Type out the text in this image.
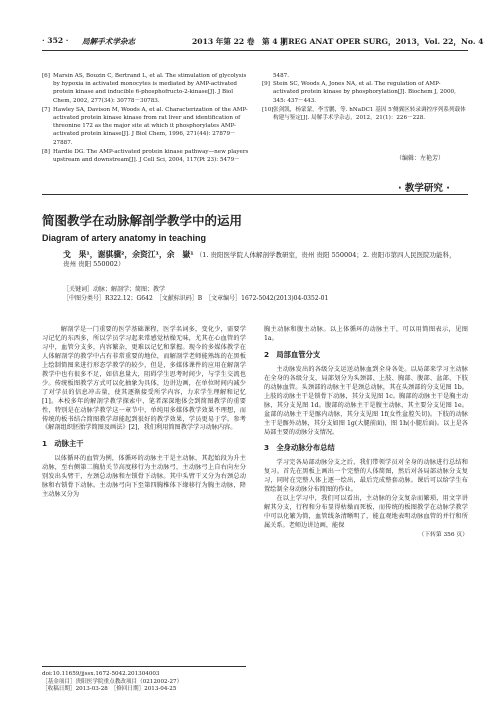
· 352 · 局解手术学杂志	2013 年第 22 卷　第 4 期
J REG ANAT OPER SURG，2013，Vol. 22，No. 4
[6] Marsin AS, Bouzin C, Bertrand L, et al. The stimulation of glycolysis by hypoxia in activated monocytes is mediated by AMP-activated protein kinase and inducible 6-phosphofructo-2-kinase[J]. J Biol Chem, 2002, 277(34): 30778－30783.
[7] Hawley SA, Davison M, Woods A, et al. Characterization of the AMP-activated protein kinase kinase from rat liver and identification of threonine 172 as the major site at which it phosphorylates AMP-activated protein kinase[J]. J Biol Chem, 1996, 271(44): 27879－27887.
[8] Hardie DG. The AMP-activated protein kinase pathway—new players upstream and downstream[J]. J Cell Sci, 2004, 117(Pt 23): 5479－
5487.
[9] Stein SC, Woods A, Jones NA, et al. The regulation of AMP-activated protein kinase by phosphorylation[J]. Biochem J, 2000, 345: 437－443.
[10] 张剑凯，杨蒙蒙，李雪鹏，等. hNaDC1 基因 5′侧翼区转录调控序列系列载体构建与鉴定[J]. 局解手术学杂志，2012，21(1)：226－228.
（编辑：左艳芳）
· 教学研究 ·
简图教学在动脉解剖学教学中的运用
Diagram of artery anatomy in teaching
戈　果¹，谢骐骥²，余资江¹，余　嶽¹ （1. 贵阳医学院人体解剖学教研室，贵州 贵阳 550004；2. 贵阳市第四人民医院功能科，
贵州 贵阳 550002）
［关键词］动脉；解剖学；简图；教学
［中图分类号］R322.12；G642　［文献标识码］B　［文章编号］1672-5042(2013)04-0352-01

　解剖学是一门重要的医学基础课程，医学名词多，变化少，需要学习记忆的东西多，所以学员学习起来常感觉枯燥无味，尤其在心血管的学习中，血管分支多，内容繁杂，更难以记忆和掌握。现今的多媒体教学在人体解剖学的教学中占有非常重要的地位，而解剖学老师能熟练的在黑板上绘制简图来进行形态学教学的较少，但是，多媒体课件的应用在解剖学教学中也有很多不足，如信息量大，阻碍学生思考时间少，与学生交流也少。传统板图教学方式可以化抽象为具体，边讲边画，在单位时间内减少了对学员的信息冲击量，使其逐渐接受所学内容，力求学生理解和记忆[1]。本校多年的解剖学教学探索中，笔者深深地体会到简图教学的重要性，特别是在动脉学教学这一章节中，单纯用多媒体教学效果不理想，而传统的板书结合简图教学却能起到很好的教学效果，学员更易于学。参考《解剖组织胚胎学简图及画法》[2]，我们利用简图教学学习动脉内容。

1　动脉主干

以体循环的血管为例，体循环的动脉主干是主动脉，其起始段为升主动脉，至右侧第二胸肋关节高度移行为主动脉弓，主动脉弓上自右向左分别发出头臂干，左颈总动脉和左锁骨下动脉。其中头臂干又分为右颈总动脉和右锁骨下动脉。主动脉弓向下至第四胸椎体下缘移行为胸主动脉，降主动脉又分为

doi:10.11659/jjssx.1672-5042.201304003
［基金项目］贵阳医学院重点教改项目（0212002-27）
［收稿日期］2013-03-28　［修回日期］2013-04-25

胸主动脉和腹主动脉。以上体循环的动脉主干，可以用简图表示，见图 1a。

2　局部血管分支

主动脉发出的各级分支运送动脉血到全身各处。以局部来学习主动脉在全身的各级分支，局部划分为头颈部、上肢、胸部、腹部、盆部、下肢的动脉血管。头颈部的动脉主干是颈总动脉，其在头颈部的分支见图 1b。上肢的动脉主干是锁骨下动脉，其分支见图 1c。胸部的动脉主干是胸主动脉，其分支见图 1d。腹部的动脉主干是腹主动脉，其主要分支见图 1e。盆部的动脉主干是髂内动脉，其分支见图 1f(女性盆腔矢切)。下肢的动脉主干是髂外动脉，其分支如图 1g(大腿前面)，图 1h(小腿后面)。以上是各局部主要的动脉分支情况。

3　全身动脉分布总结

学习完各局部动脉分支之后，我们带领学员对全身的动脉进行总结和复习。首先在黑板上画出一个完整的人体简图，然后对各局部动脉分支复习，同时在完整人体上逐一绘出，最后完成整套动脉。课后可以给学生布置绘制全身动脉分布简图的作业。

在以上学习中，我们可以看出，主动脉的分支复杂而繁琐，用文字讲解其分支，行程和分布显得枯燥而死板，而传统的板图教学在动脉学教学中可以化繁为简，血管线条清晰明了，能直观地表明动脉血管的并行和所属关系。老师边讲边画，能保

（下转第 356 页）
